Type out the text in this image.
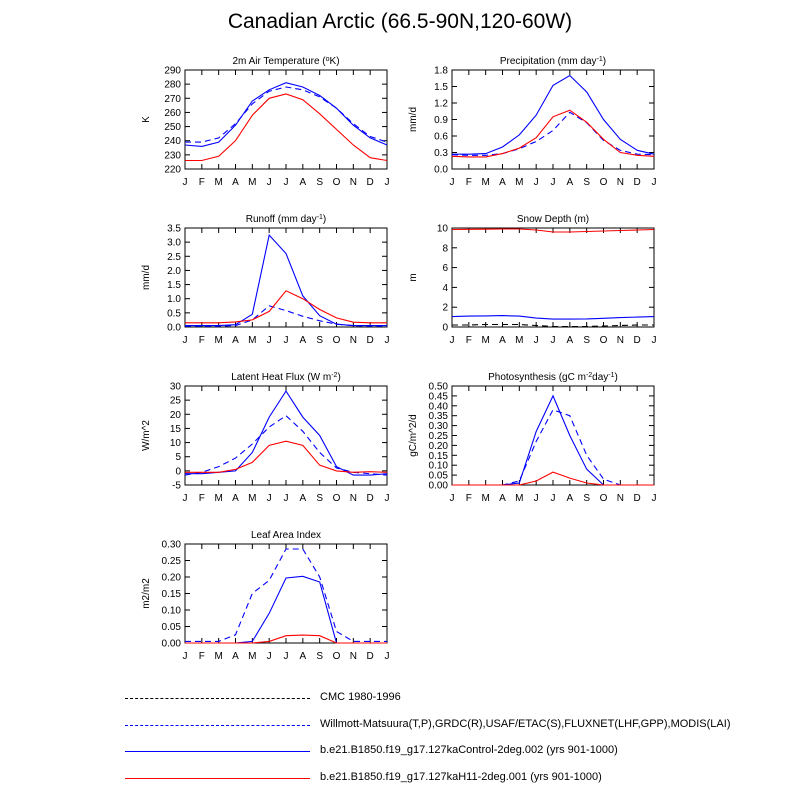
Canadian Arctic (66.5-90N,120-60W)
2m Air Temperature ($^o$K)
220
230
240
250
260
270
280
290
J F M A M J J A S O N D J
K
Precipitation (mm day$^{-1}$)
0.0
0.3
0.6
0.9
1.2
1.5
1.8
J F M A M J J A S O N D J
mm/d
Runoff (mm day$^{-1}$)
0.0
0.5
1.0
1.5
2.0
2.5
3.0
3.5
J F M A M J J A S O N D J
mm/d
Snow Depth (m)
0
2
4
6
8
10
J F M A M J J A S O N D J
m
Latent Heat Flux (W $m^{-2}$)
-5
0
5
10
15
20
25
30
J F M A M J J A S O N D J
W/m^2
Photosynthesis (gC $m^{-2}day^{-1}$)
0.00
0.05
0.10
0.15
0.20
0.25
0.30
0.35
0.40
0.45
0.50
J F M A M J J A S O N D J
gC/m^2/d
Leaf Area Index
0.00
0.05
0.10
0.15
0.20
0.25
0.30
J F M A M J J A S O N D J
m2/m2
CMC 1980-1996
Willmott-Matsuura(T,P),GRDC(R),USAF/ETAC(S),FLUXNET(LHF,GPP),MODIS(LAI)
b.e21.B1850.f19_g17.127kaControl-2deg.002 (yrs 901-1000)
b.e21.B1850.f19_g17.127kaH11-2deg.001 (yrs 901-1000)
